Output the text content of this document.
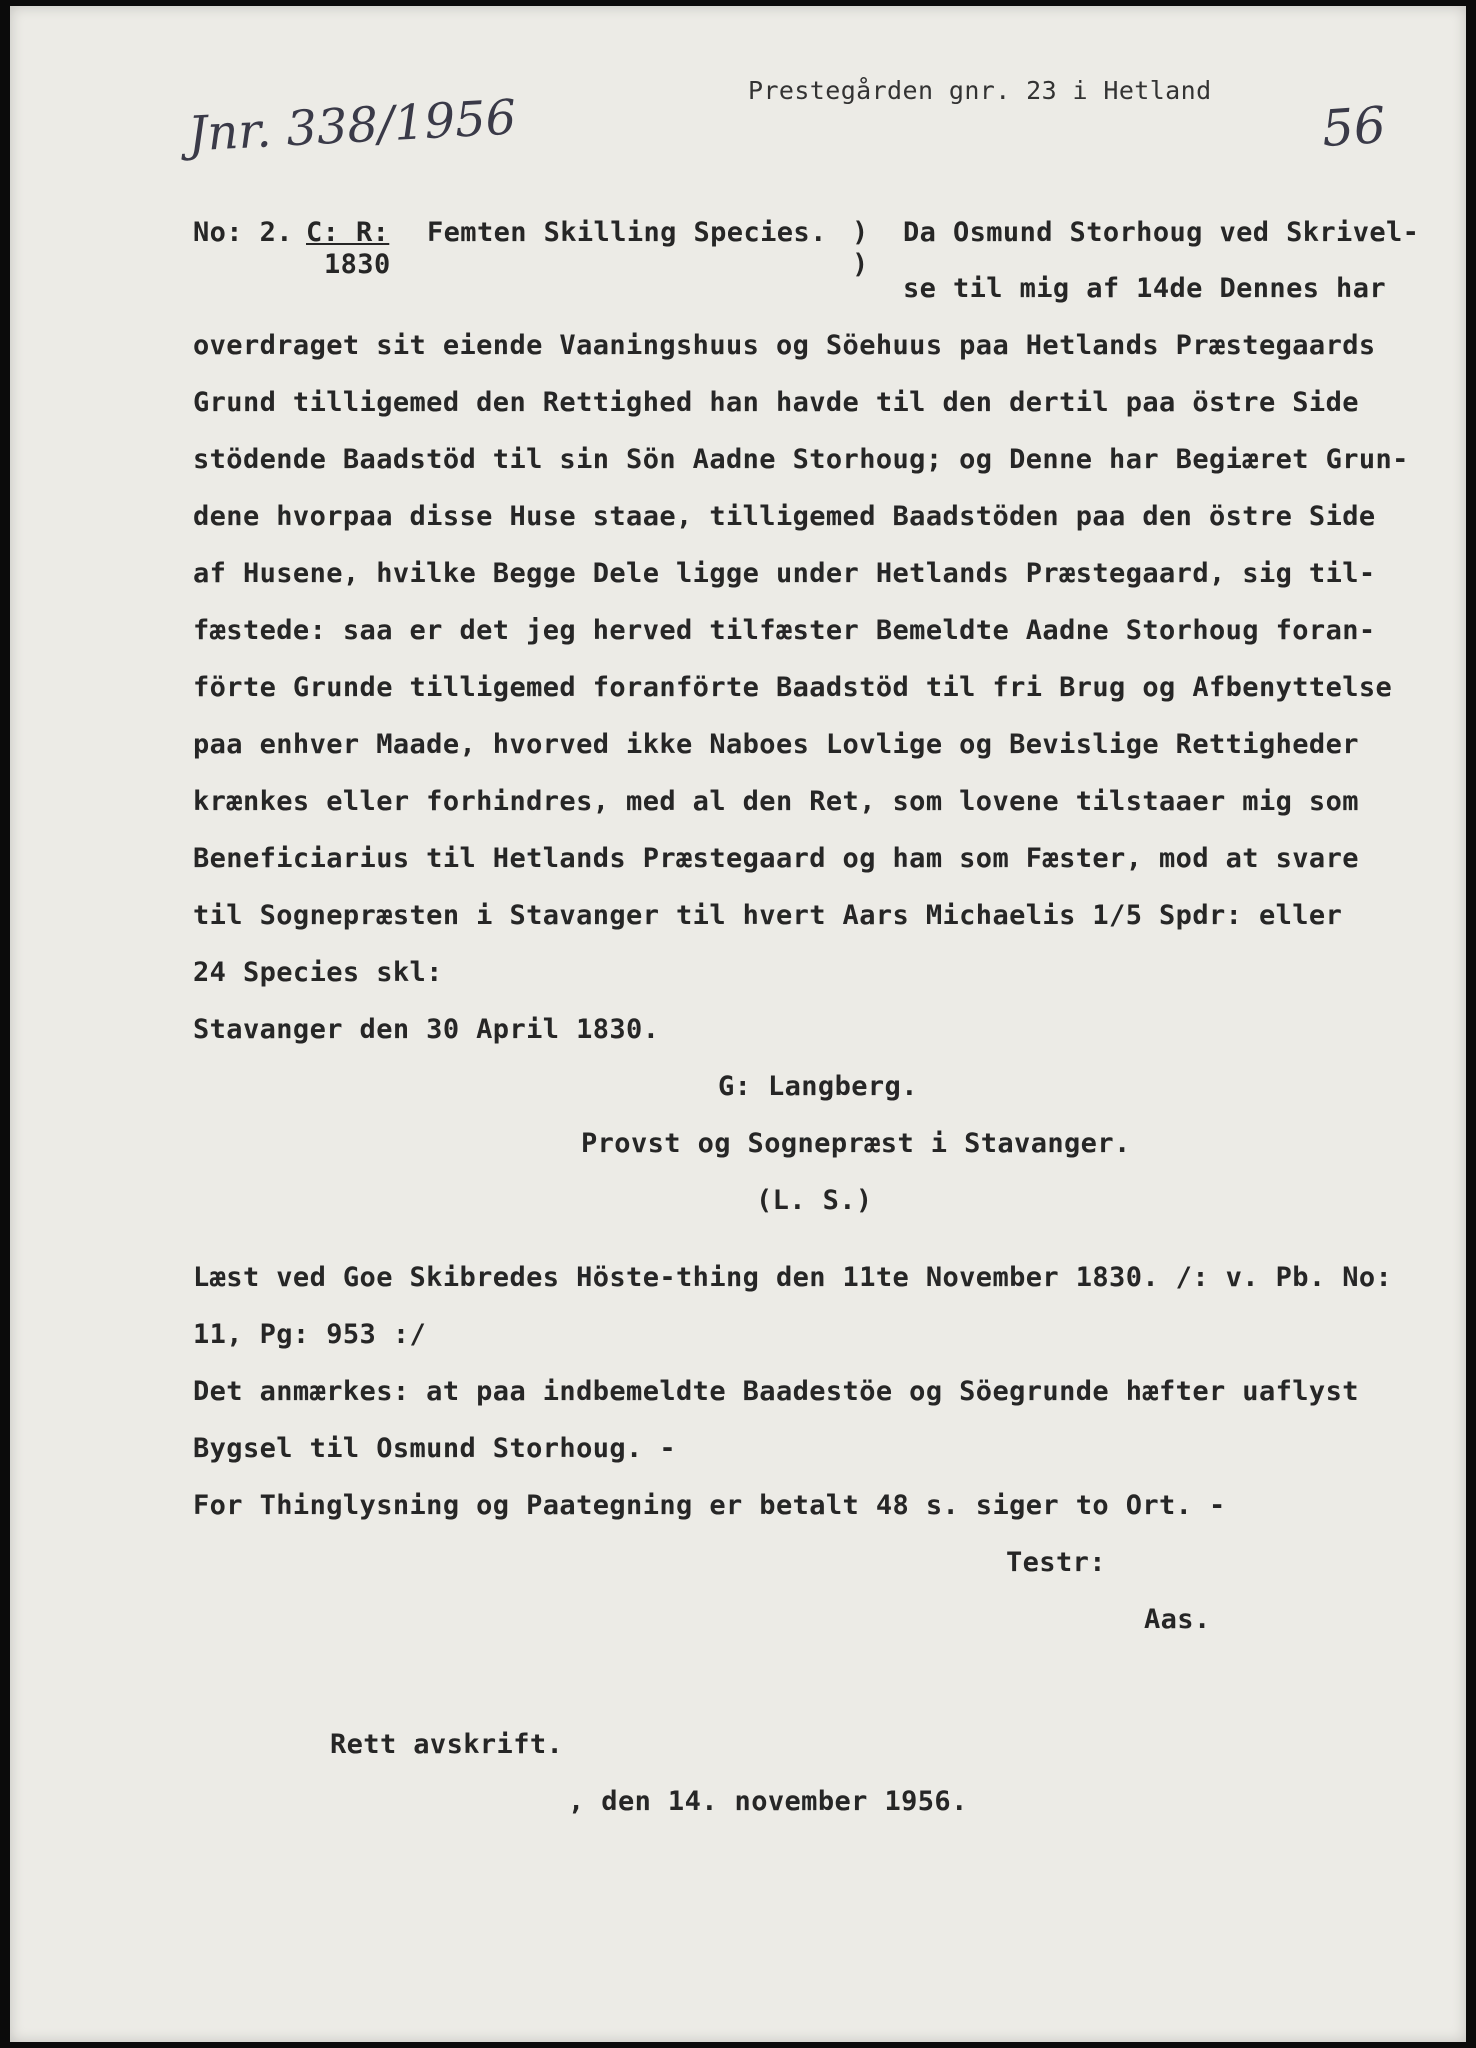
Prestegården gnr. 23 i Hetland
Jnr. 338/1956	56
No: 2. C: R:
1830
Femten Skilling Species. )
)
Da Osmund Storhoug ved Skrivel-
se til mig af 14de Dennes har
overdraget sit eiende Vaaningshuus og Söehuus paa Hetlands Præstegaards
Grund tilligemed den Rettighed han havde til den dertil paa östre Side
stödende Baadstöd til sin Sön Aadne Storhoug; og Denne har Begiæret Grun-
dene hvorpaa disse Huse staae, tilligemed Baadstöden paa den östre Side
af Husene, hvilke Begge Dele ligge under Hetlands Præstegaard, sig til-
fæstede: saa er det jeg herved tilfæster Bemeldte Aadne Storhoug foran-
förte Grunde tilligemed foranförte Baadstöd til fri Brug og Afbenyttelse
paa enhver Maade, hvorved ikke Naboes Lovlige og Bevislige Rettigheder
krænkes eller forhindres, med al den Ret, som lovene tilstaaer mig som
Beneficiarius til Hetlands Præstegaard og ham som Fæster, mod at svare
til Sognepræsten i Stavanger til hvert Aars Michaelis 1/5 Spdr: eller
24 Species skl:
Stavanger den 30 April 1830.
G: Langberg.
Provst og Sognepræst i Stavanger.
(L. S.)
Læst ved Goe Skibredes Höste-thing den 11te November 1830. /: v. Pb. No:
11, Pg: 953 :/
Det anmærkes: at paa indbemeldte Baadestöe og Söegrunde hæfter uaflyst
Bygsel til Osmund Storhoug. -
For Thinglysning og Paategning er betalt 48 s. siger to Ort. -
Testr:
Aas.
Rett avskrift.
, den 14. november 1956.
